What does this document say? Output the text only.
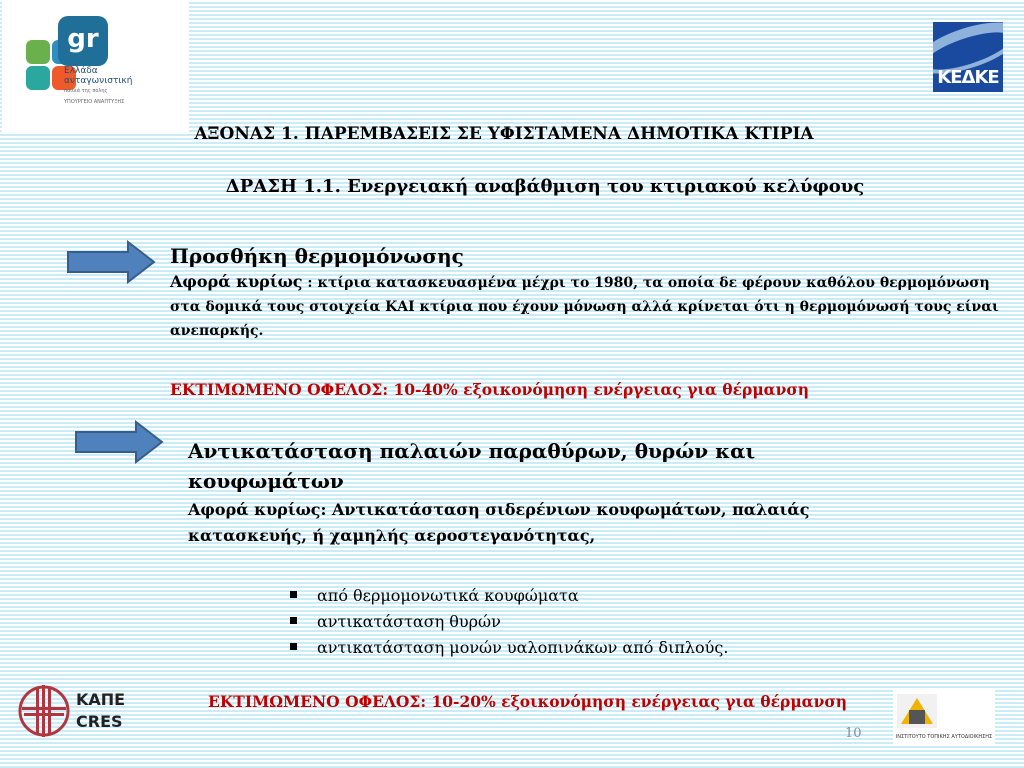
gr
Ελλάδα
ανταγωνιστική
παιδιά της πόλης
ΥΠΟΥΡΓΕΙΟ ΑΝΑΠΤΥΞΗΣ
ΚΕΔΚΕ
ΑΞΟΝΑΣ 1. ΠΑΡΕΜΒΑΣΕΙΣ ΣΕ ΥΦΙΣΤΑΜΕΝΑ ΔΗΜΟΤΙΚΑ ΚΤΙΡΙΑ
ΔΡΑΣΗ 1.1. Ενεργειακή αναβάθμιση του κτιριακού κελύφους
Προσθήκη θερμομόνωσης
Αφορά κυρίως : κτίρια κατασκευασμένα μέχρι το 1980, τα οποία δε φέρουν καθόλου θερμομόνωση στα δομικά τους στοιχεία ΚΑΙ κτίρια που έχουν μόνωση αλλά κρίνεται ότι η θερμομόνωσή τους είναι ανεπαρκής.
ΕΚΤΙΜΩΜΕΝΟ ΟΦΕΛΟΣ: 10-40% εξοικονόμηση ενέργειας για θέρμανση
Αντικατάσταση παλαιών παραθύρων, θυρών και κουφωμάτων
Αφορά κυρίως: Αντικατάσταση σιδερένιων κουφωμάτων, παλαιάς κατασκευής, ή χαμηλής αεροστεγανότητας,
από θερμομονωτικά κουφώματα
αντικατάσταση θυρών
αντικατάσταση μονών υαλοπινάκων από διπλούς.
ΚΑΠΕ
CRES
ΙΝΣΤΙΤΟΥΤΟ ΤΟΠΙΚΗΣ ΑΥΤΟΔΙΟΙΚΗΣΗΣ
ΕΚΤΙΜΩΜΕΝΟ ΟΦΕΛΟΣ: 10-20% εξοικονόμηση ενέργειας για θέρμανση
10
